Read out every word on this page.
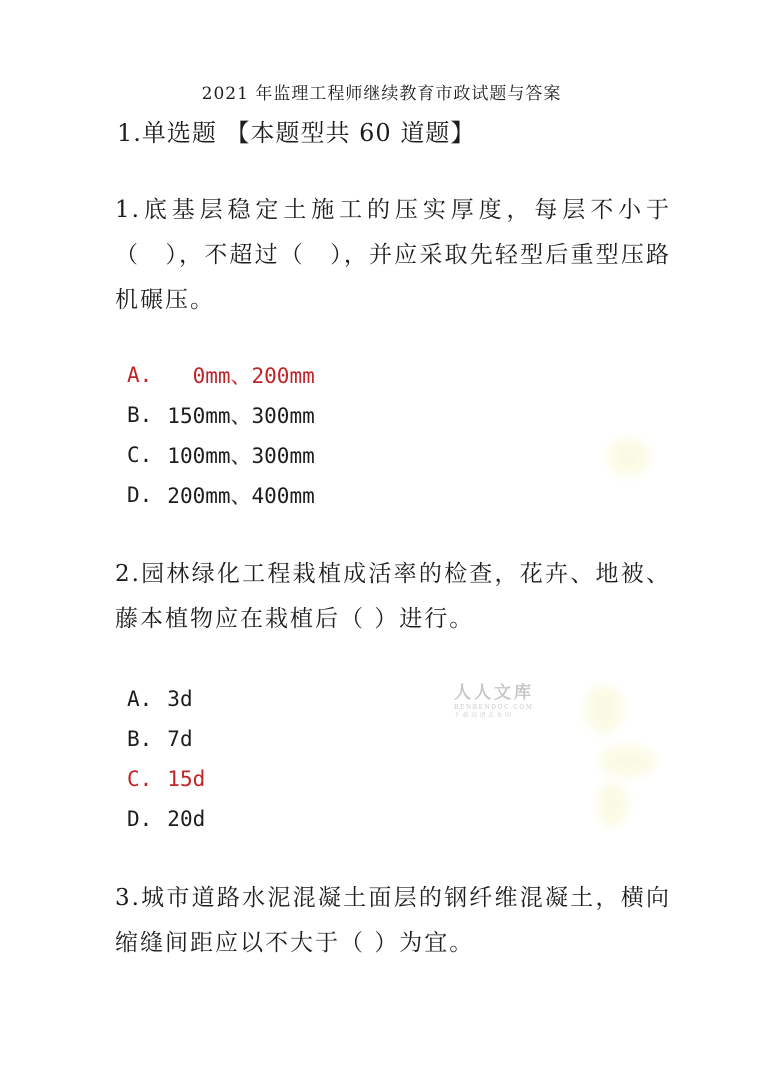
2021 年监理工程师继续教育市政试题与答案
1.单选题 【本题型共 60 道题】
1.底基层稳定土施工的压实厚度，每层不小于（　），不超过（　），并应采取先轻型后重型压路机碾压。
A. 0mm、200mm
B. 150mm、300mm
C. 100mm、300mm
D. 200mm、400mm
2.园林绿化工程栽植成活率的检查，花卉、地被、藤本植物应在栽植后（ ）进行。
A. 3d
B. 7d
C. 15d
D. 20d
3.城市道路水泥混凝土面层的钢纤维混凝土，横向缩缝间距应以不大于（ ）为宜。
人人文库
RENRENDOC.COM
下载高清去水印
